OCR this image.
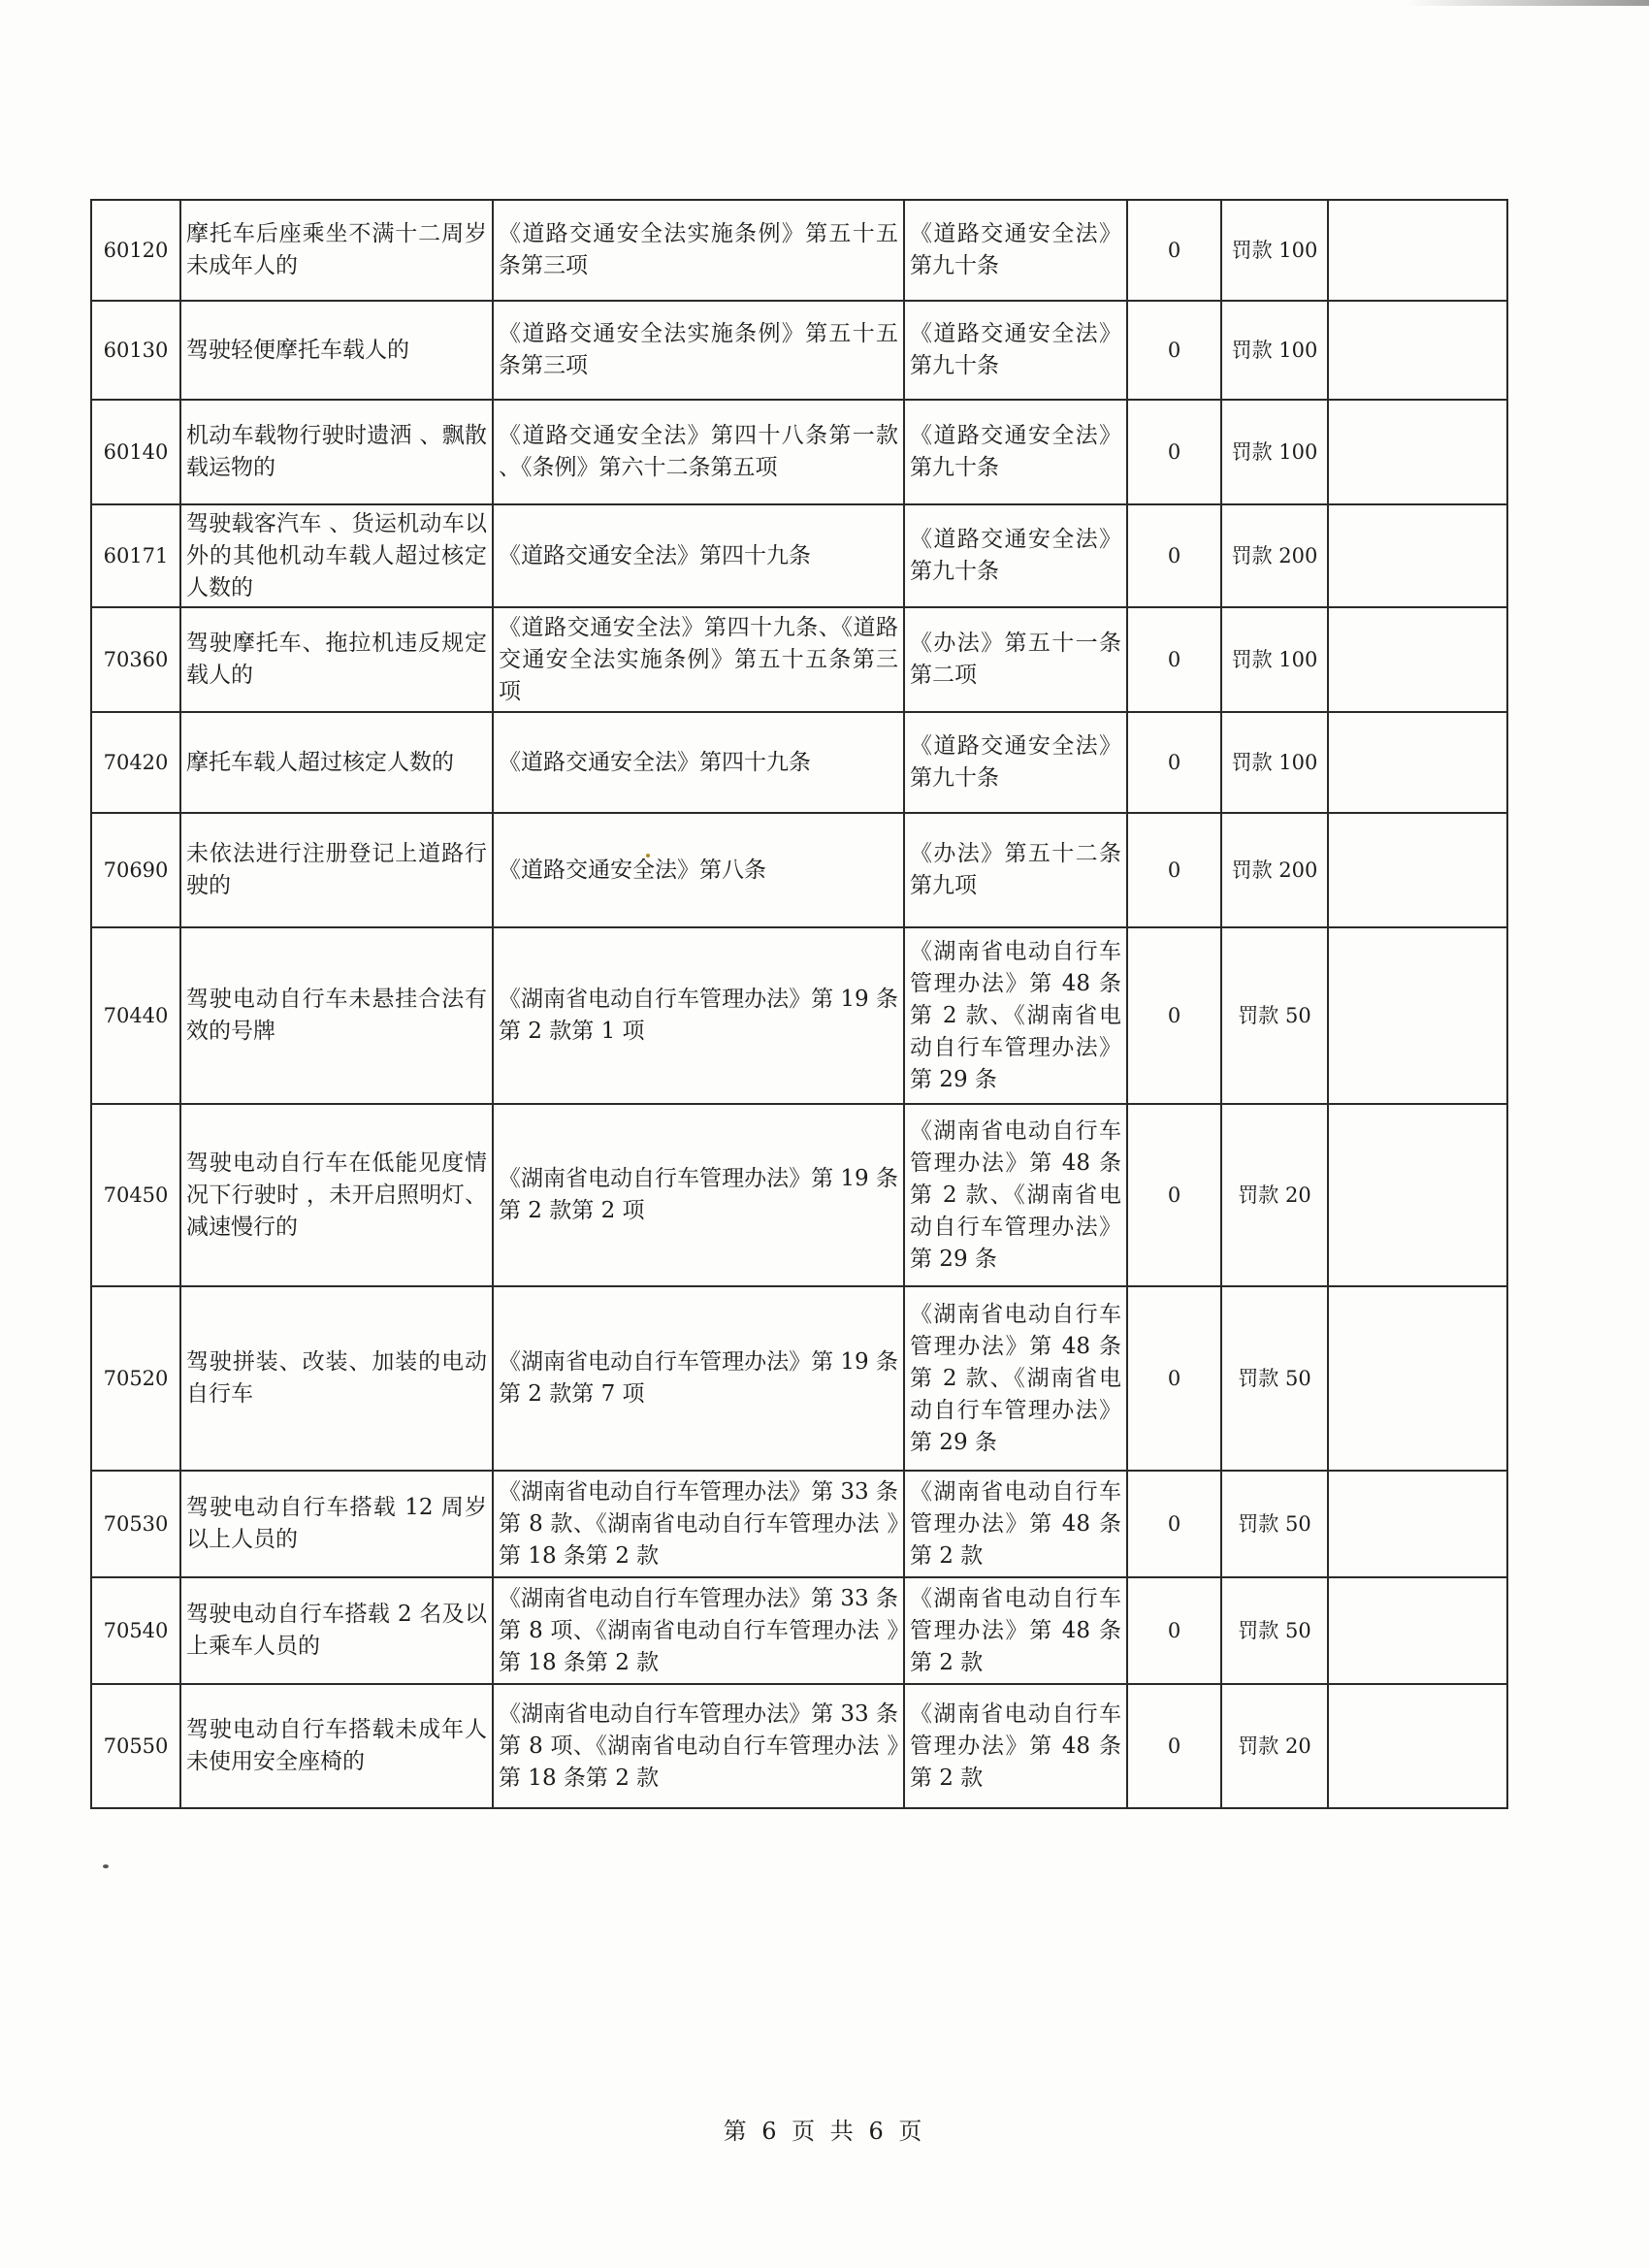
60120	摩托车后座乘坐不满十二周岁未成年人的	《道路交通安全法实施条例》第五十五条第三项	《道路交通安全法》第九十条	0	罚款 100	
60130	驾驶轻便摩托车载人的	《道路交通安全法实施条例》第五十五条第三项	《道路交通安全法》第九十条	0	罚款 100	
60140	机动车载物行驶时遗洒 、飘散载运物的	《道路交通安全法》第四十八条第一款 、《条例》第六十二条第五项	《道路交通安全法》第九十条	0	罚款 100	
60171	驾驶载客汽车 、货运机动车以外的其他机动车载人超过核定人数的	《道路交通安全法》第四十九条	《道路交通安全法》第九十条	0	罚款 200	
70360	驾驶摩托车、拖拉机违反规定载人的	《道路交通安全法》第四十九条、《道路交通安全法实施条例》第五十五条第三项	《办法》第五十一条第二项	0	罚款 100	
70420	摩托车载人超过核定人数的	《道路交通安全法》第四十九条	《道路交通安全法》第九十条	0	罚款 100	
70690	未依法进行注册登记上道路行驶的	《道路交通安全法》第八条	《办法》第五十二条第九项	0	罚款 200	
70440	驾驶电动自行车未悬挂合法有效的号牌	《湖南省电动自行车管理办法》第 19 条第 2 款第 1 项	《湖南省电动自行车管理办法》第 48 条第 2 款、《湖南省电动自行车管理办法》第 29 条	0	罚款 50	
70450	驾驶电动自行车在低能见度情况下行驶时 ，未开启照明灯、 减速慢行的	《湖南省电动自行车管理办法》第 19 条第 2 款第 2 项	《湖南省电动自行车管理办法》第 48 条第 2 款、《湖南省电动自行车管理办法》第 29 条	0	罚款 20	
70520	驾驶拼装、改装、加装的电动自行车	《湖南省电动自行车管理办法》第 19 条第 2 款第 7 项	《湖南省电动自行车管理办法》第 48 条第 2 款、《湖南省电动自行车管理办法》第 29 条	0	罚款 50	
70530	驾驶电动自行车搭载 12 周岁以上人员的	《湖南省电动自行车管理办法》第 33 条第 8 款、《湖南省电动自行车管理办法 》第 18 条第 2 款	《湖南省电动自行车管理办法》第 48 条第 2 款	0	罚款 50	
70540	驾驶电动自行车搭载 2 名及以上乘车人员的	《湖南省电动自行车管理办法》第 33 条第 8 项、《湖南省电动自行车管理办法 》第 18 条第 2 款	《湖南省电动自行车管理办法》第 48 条第 2 款	0	罚款 50	
70550	驾驶电动自行车搭载未成年人未使用安全座椅的	《湖南省电动自行车管理办法》第 33 条第 8 项、《湖南省电动自行车管理办法 》第 18 条第 2 款	《湖南省电动自行车管理办法》第 48 条第 2 款	0	罚款 20	
第 6 页 共 6 页
